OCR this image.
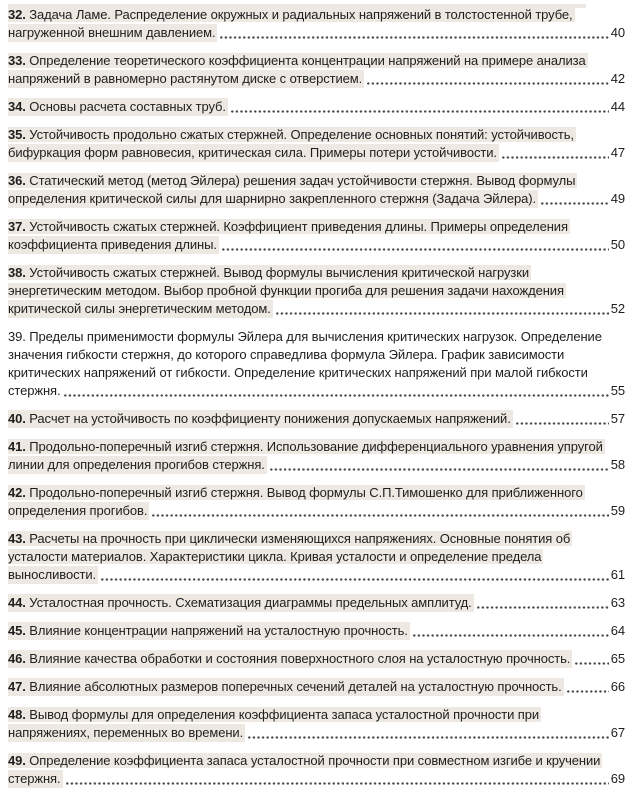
32. Задача Ламе. Распределение окружных и радиальных напряжений в толстостенной трубе,
нагруженной внешним давлением.	40
33. Определение теоретического коэффициента концентрации напряжений на примере анализа
напряжений в равномерно растянутом диске с отверстием.	42
34. Основы расчета составных труб.	44
35. Устойчивость продольно сжатых стержней. Определение основных понятий: устойчивость,
бифуркация форм равновесия, критическая сила. Примеры потери устойчивости.	47
36. Статический метод (метод Эйлера) решения задач устойчивости стержня. Вывод формулы
определения критической силы для шарнирно закрепленного стержня (Задача Эйлера).	49
37. Устойчивость сжатых стержней. Коэффициент приведения длины. Примеры определения
коэффициента приведения длины.	50
38. Устойчивость сжатых стержней. Вывод формулы вычисления критической нагрузки
энергетическим методом. Выбор пробной функции прогиба для решения задачи нахождения
критической силы энергетическим методом.	52
39. Пределы применимости формулы Эйлера для вычисления критических нагрузок. Определение
значения гибкости стержня, до которого справедлива формула Эйлера. График зависимости
критических напряжений от гибкости. Определение критических напряжений при малой гибкости
стержня.	55
40. Расчет на устойчивость по коэффициенту понижения допускаемых напряжений.	57
41. Продольно-поперечный изгиб стержня. Использование дифференциального уравнения упругой
линии для определения прогибов стержня.	58
42. Продольно-поперечный изгиб стержня. Вывод формулы С.П.Тимошенко для приближенного
определения прогибов.	59
43. Расчеты на прочность при циклически изменяющихся напряжениях. Основные понятия об
усталости материалов. Характеристики цикла. Кривая усталости и определение предела
выносливости.	61
44. Усталостная прочность. Схематизация диаграммы предельных амплитуд.	63
45. Влияние концентрации напряжений на усталостную прочность.	64
46. Влияние качества обработки и состояния поверхностного слоя на усталостную прочность.	65
47. Влияние абсолютных размеров поперечных сечений деталей на усталостную прочность.	66
48. Вывод формулы для определения коэффициента запаса усталостной прочности при
напряжениях, переменных во времени.	67
49. Определение коэффициента запаса усталостной прочности при совместном изгибе и кручении
стержня.	69
